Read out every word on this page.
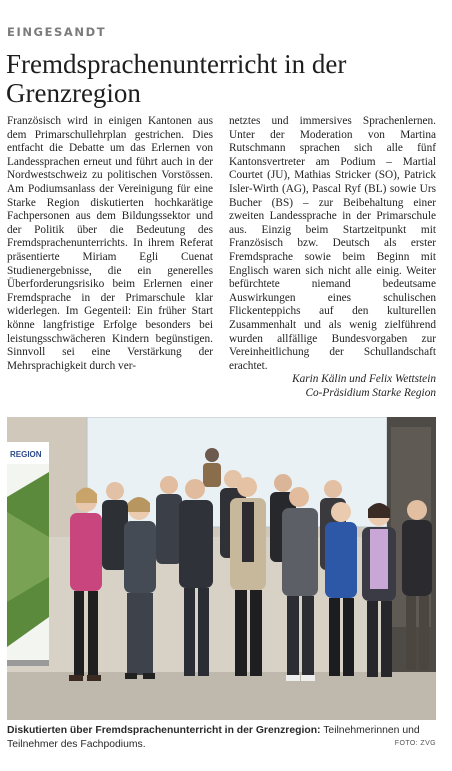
EINGESANDT
Fremdsprachenunterricht in der Grenzregion

Französisch wird in einigen Kantonen aus dem Primarschullehrplan gestrichen. Dies entfacht die Debatte um das Erlernen von Landessprachen erneut und führt auch in der Nordwestschweiz zu politischen Vorstössen. Am Podiumsanlass der Vereinigung für eine Starke Region diskutierten hochkarätige Fachpersonen aus dem Bildungssektor und der Politik über die Bedeutung des Fremdsprachenunterrichts. In ihrem Referat präsentierte Miriam Egli Cuenat Studienergebnisse, die ein generelles Überforderungsrisiko beim Erlernen einer Fremdsprache in der Primarschule klar widerlegen. Im Gegenteil: Ein früher Start könne langfristige Erfolge besonders bei leistungsschwächeren Kindern begünstigen. Sinnvoll sei eine Verstärkung der Mehrsprachigkeit durch ver-

netztes und immersives Sprachenlernen. Unter der Moderation von Martina Rutschmann sprachen sich alle fünf Kantonsvertreter am Podium – Martial Courtet (JU), Mathias Stricker (SO), Patrick Isler-Wirth (AG), Pascal Ryf (BL) sowie Urs Bucher (BS) – zur Beibehaltung einer zweiten Landessprache in der Primarschule aus. Einzig beim Startzeitpunkt mit Französisch bzw. Deutsch als erster Fremdsprache sowie beim Beginn mit Englisch waren sich nicht alle einig. Weiter befürchtete niemand bedeutsame Auswirkungen eines schulischen Flickenteppichs auf den kulturellen Zusammenhalt und als wenig zielführend wurden allfällige Bundesvorgaben zur Vereinheitlichung der Schullandschaft erachtet.

Karin Kälin und Felix Wettstein
Co-Präsidium Starke Region
REGION
Diskutierten über Fremdsprachenunterricht in der Grenzregion: Teilnehmerinnen und Teilnehmer des Fachpodiums.	FOTO: ZVG
